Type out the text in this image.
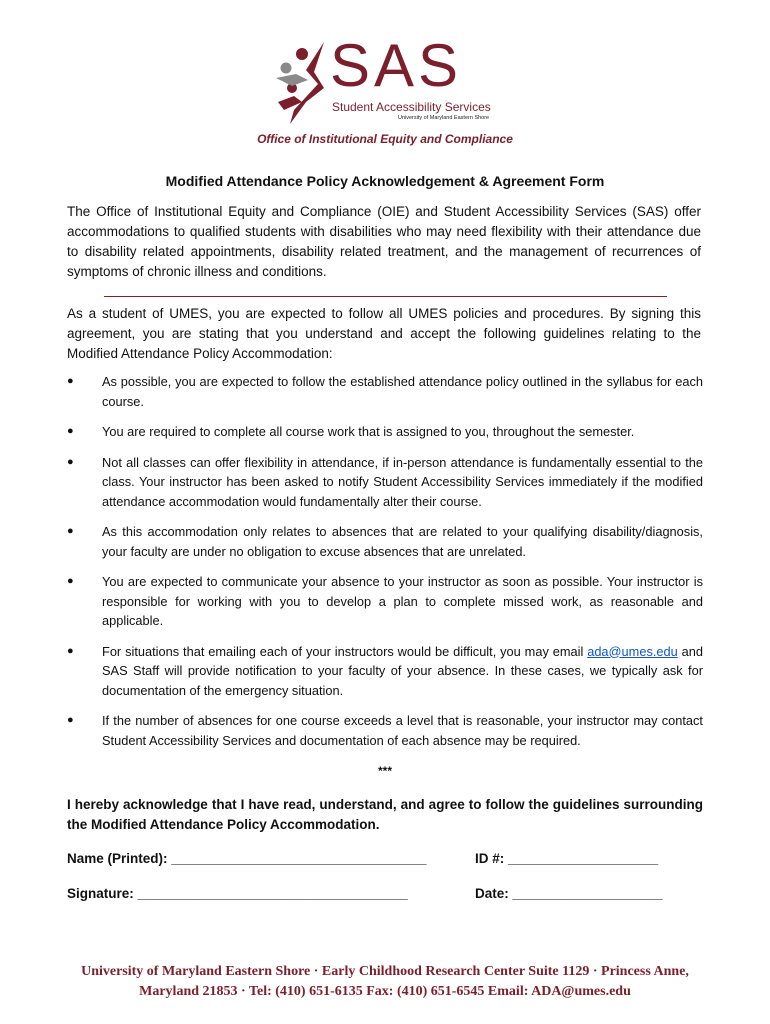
SAS
Student Accessibility Services
University of Maryland Eastern Shore
Office of Institutional Equity and Compliance
Modified Attendance Policy Acknowledgement & Agreement Form

The Office of Institutional Equity and Compliance (OIE) and Student Accessibility Services (SAS) offer accommodations to qualified students with disabilities who may need flexibility with their attendance due to disability related appointments, disability related treatment, and the management of recurrences of symptoms of chronic illness and conditions.

As a student of UMES, you are expected to follow all UMES policies and procedures. By signing this agreement, you are stating that you understand and accept the following guidelines relating to the Modified Attendance Policy Accommodation:

●	As possible, you are expected to follow the established attendance policy outlined in the syllabus for each course.
●	You are required to complete all course work that is assigned to you, throughout the semester.
●	Not all classes can offer flexibility in attendance, if in-person attendance is fundamentally essential to the class. Your instructor has been asked to notify Student Accessibility Services immediately if the modified attendance accommodation would fundamentally alter their course.
●	As this accommodation only relates to absences that are related to your qualifying disability/diagnosis, your faculty are under no obligation to excuse absences that are unrelated.
●	You are expected to communicate your absence to your instructor as soon as possible. Your instructor is responsible for working with you to develop a plan to complete missed work, as reasonable and applicable.
●	For situations that emailing each of your instructors would be difficult, you may email ada@umes.edu and SAS Staff will provide notification to your faculty of your absence. In these cases, we typically ask for documentation of the emergency situation.
●	If the number of absences for one course exceeds a level that is reasonable, your instructor may contact Student Accessibility Services and documentation of each absence may be required.
***

I hereby acknowledge that I have read, understand, and agree to follow the guidelines surrounding the Modified Attendance Policy Accommodation.

Name (Printed): __________________________________	ID #: ____________________
Signature: ____________________________________	Date: ____________________
University of Maryland Eastern Shore · Early Childhood Research Center Suite 1129 · Princess Anne,
Maryland 21853 · Tel: (410) 651-6135 Fax: (410) 651-6545 Email: ADA@umes.edu
